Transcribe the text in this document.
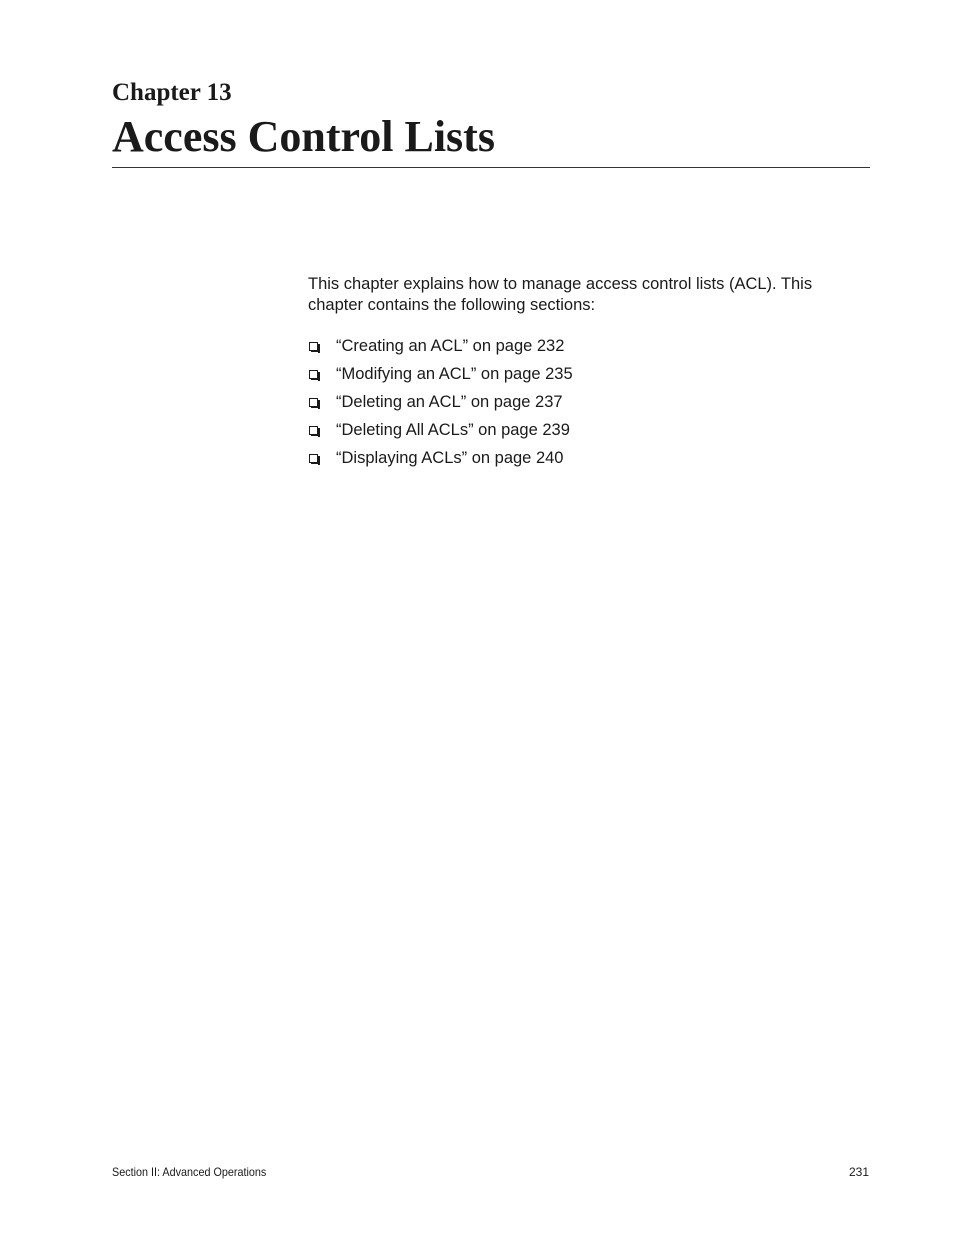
Chapter 13
Access Control Lists

This chapter explains how to manage access control lists (ACL). This chapter contains the following sections:

“Creating an ACL” on page 232
“Modifying an ACL” on page 235
“Deleting an ACL” on page 237
“Deleting All ACLs” on page 239
“Displaying ACLs” on page 240
Section II: Advanced Operations	231
